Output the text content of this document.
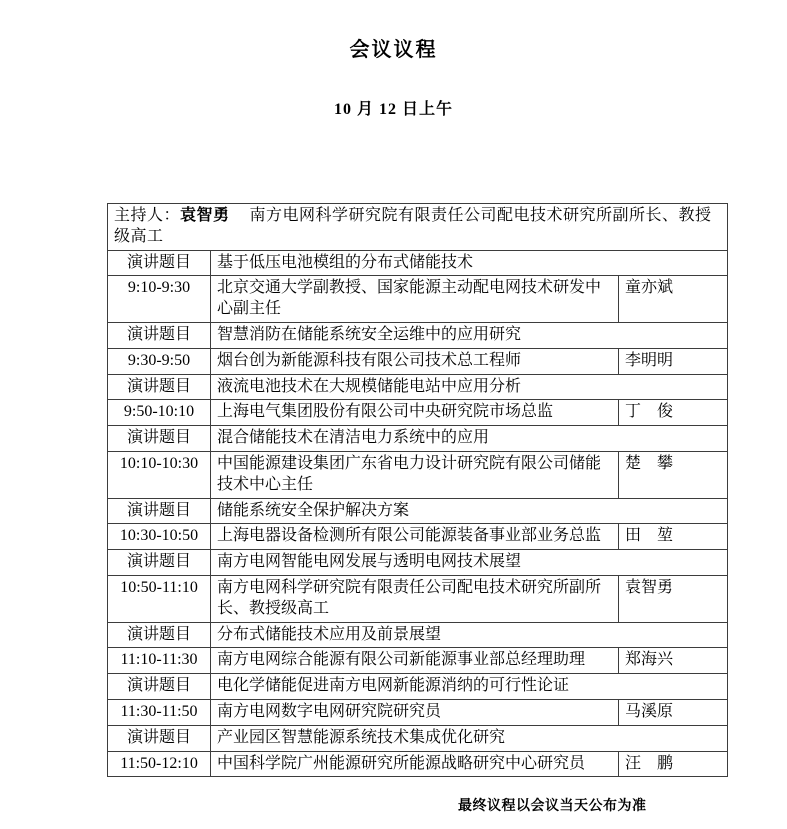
会议议程
10 月 12 日上午
主持人：袁智勇 南方电网科学研究院有限责任公司配电技术研究所副所长、教授级高工		
演讲题目	基于低压电池模组的分布式储能技术	
9:10-9:30	北京交通大学副教授、国家能源主动配电网技术研发中心副主任	童亦斌
演讲题目	智慧消防在储能系统安全运维中的应用研究	
9:30-9:50	烟台创为新能源科技有限公司技术总工程师	李明明
演讲题目	液流电池技术在大规模储能电站中应用分析	
9:50-10:10	上海电气集团股份有限公司中央研究院市场总监	丁　俊
演讲题目	混合储能技术在清洁电力系统中的应用	
10:10-10:30	中国能源建设集团广东省电力设计研究院有限公司储能技术中心主任	楚　攀
演讲题目	储能系统安全保护解决方案	
10:30-10:50	上海电器设备检测所有限公司能源装备事业部业务总监	田　堃
演讲题目	南方电网智能电网发展与透明电网技术展望	
10:50-11:10	南方电网科学研究院有限责任公司配电技术研究所副所长、教授级高工	袁智勇
演讲题目	分布式储能技术应用及前景展望	
11:10-11:30	南方电网综合能源有限公司新能源事业部总经理助理	郑海兴
演讲题目	电化学储能促进南方电网新能源消纳的可行性论证	
11:30-11:50	南方电网数字电网研究院研究员	马溪原
演讲题目	产业园区智慧能源系统技术集成优化研究	
11:50-12:10	中国科学院广州能源研究所能源战略研究中心研究员	汪　鹏
最终议程以会议当天公布为准
